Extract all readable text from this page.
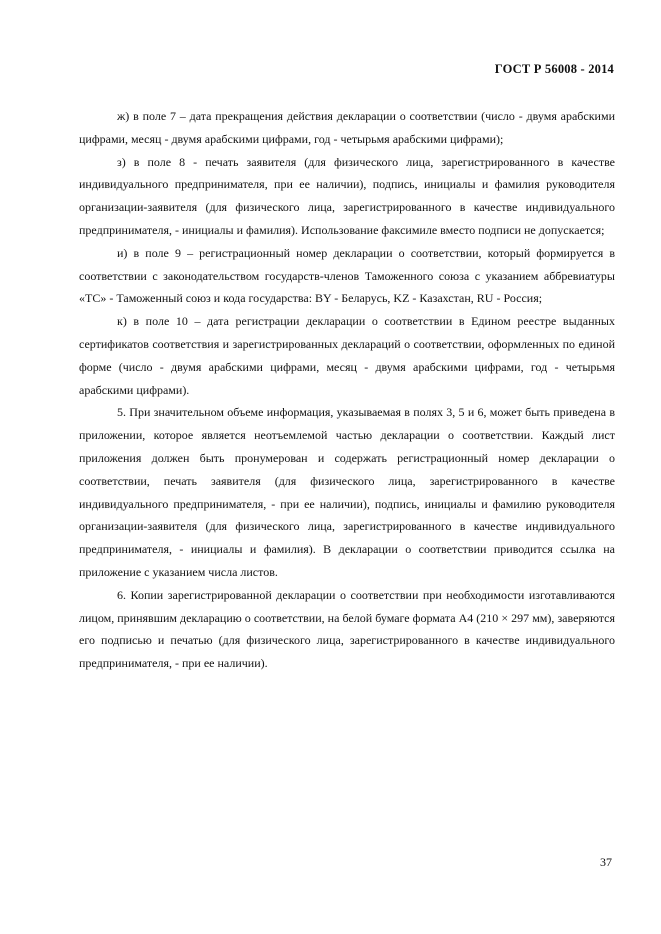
ГОСТ Р 56008 - 2014

ж) в поле 7 – дата прекращения действия декларации о соответствии (число - двумя арабскими цифрами, месяц - двумя арабскими цифрами, год - четырьмя арабскими цифрами);

з) в поле 8 - печать заявителя (для физического лица, зарегистрированного в качестве индивидуального предпринимателя, при ее наличии), подпись, инициалы и фамилия руководителя организации-заявителя (для физического лица, зарегистрированного в качестве индивидуального предпринимателя, - инициалы и фамилия). Использование факсимиле вместо подписи не допускается;

и) в поле 9 – регистрационный номер декларации о соответствии, который формируется в соответствии с законодательством государств-членов Таможенного союза с указанием аббревиатуры «ТС» - Таможенный союз и кода государства: BY - Беларусь, KZ - Казахстан, RU - Россия;

к) в поле 10 – дата регистрации декларации о соответствии в Едином реестре выданных сертификатов соответствия и зарегистрированных деклараций о соответствии, оформленных по единой форме (число - двумя арабскими цифрами, месяц - двумя арабскими цифрами, год - четырьмя арабскими цифрами).

5. При значительном объеме информация, указываемая в полях 3, 5 и 6, может быть приведена в приложении, которое является неотъемлемой частью декларации о соответствии. Каждый лист приложения должен быть пронумерован и содержать регистрационный номер декларации о соответствии, печать заявителя (для физического лица, зарегистрированного в качестве индивидуального предпринимателя, - при ее наличии), подпись, инициалы и фамилию руководителя организации-заявителя (для физического лица, зарегистрированного в качестве индивидуального предпринимателя, - инициалы и фамилия). В декларации о соответствии приводится ссылка на приложение с указанием числа листов.

6. Копии зарегистрированной декларации о соответствии при необходимости изготавливаются лицом, принявшим декларацию о соответствии, на белой бумаге формата А4 (210 × 297 мм), заверяются его подписью и печатью (для физического лица, зарегистрированного в качестве индивидуального предпринимателя, - при ее наличии).

37
